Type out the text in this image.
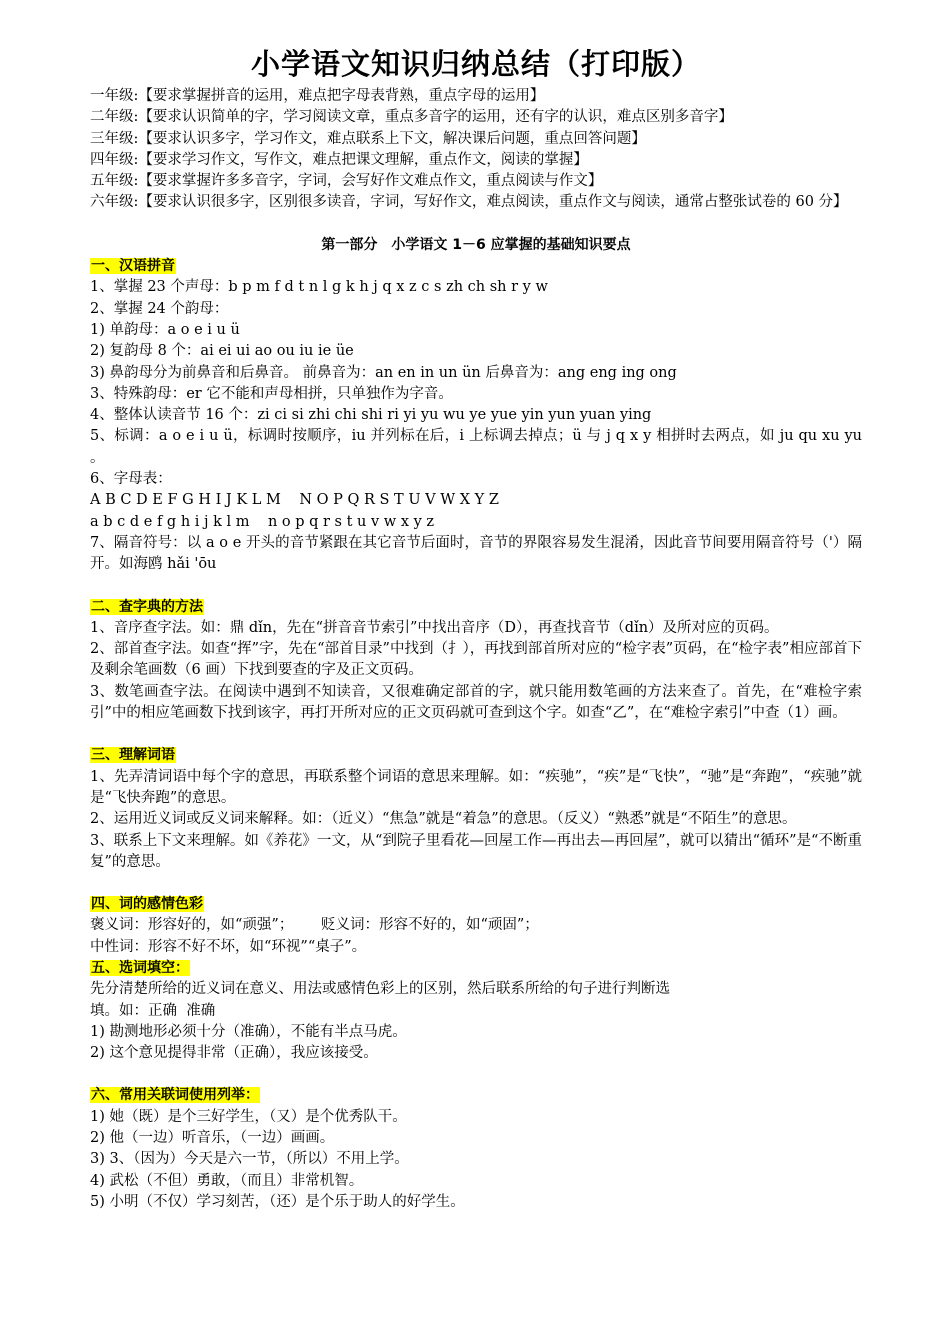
小学语文知识归纳总结（打印版）

一年级:【要求掌握拼音的运用，难点把字母表背熟，重点字母的运用】

二年级:【要求认识简单的字，学习阅读文章，重点多音字的运用，还有字的认识，难点区别多音字】

三年级:【要求认识多字，学习作文，难点联系上下文，解决课后问题，重点回答问题】

四年级:【要求学习作文，写作文，难点把课文理解，重点作文，阅读的掌握】

五年级:【要求掌握许多多音字，字词，会写好作文难点作文，重点阅读与作文】

六年级:【要求认识很多字，区别很多读音，字词，写好作文，难点阅读，重点作文与阅读，通常占整张试卷的 60 分】

第一部分　小学语文 1－6 应掌握的基础知识要点

一、汉语拼音

1、掌握 23 个声母：b p m f d t n l g k h j q x z c s zh ch sh r y w

2、掌握 24 个韵母：

1) 单韵母：a o e i u ü

2) 复韵母 8 个：ai ei ui ao ou iu ie üe

3) 鼻韵母分为前鼻音和后鼻音。 前鼻音为：an en in un ün 后鼻音为：ang eng ing ong

3、特殊韵母：er 它不能和声母相拼，只单独作为字音。

4、整体认读音节 16 个：zi ci si zhi chi shi ri yi yu wu ye yue yin yun yuan ying

5、标调：a o e i u ü，标调时按顺序，iu 并列标在后，i 上标调去掉点；ü 与 j q x y 相拼时去两点，如 ju qu xu yu 。

6、字母表：

A B C D E F G H I J K L M    N O P Q R S T U V W X Y Z

a b c d e f g h i j k l m    n o p q r s t u v w x y z

7、隔音符号：以 a o e 开头的音节紧跟在其它音节后面时，音节的界限容易发生混淆，因此音节间要用隔音符号（'）隔开。如海鸥 hǎi 'ōu

二、查字典的方法

1、音序查字法。如：鼎 dǐn，先在“拼音音节索引”中找出音序（D），再查找音节（dǐn）及所对应的页码。

2、部首查字法。如查“挥”字，先在“部首目录”中找到（扌），再找到部首所对应的“检字表”页码，在“检字表”相应部首下及剩余笔画数（6 画）下找到要查的字及正文页码。

3、数笔画查字法。在阅读中遇到不知读音，又很难确定部首的字，就只能用数笔画的方法来查了。首先，在“难检字索引”中的相应笔画数下找到该字，再打开所对应的正文页码就可查到这个字。如查“乙”，在“难检字索引”中查（1）画。

三、理解词语

1、先弄清词语中每个字的意思，再联系整个词语的意思来理解。如：“疾驰”，“疾”是“飞快”，“驰”是“奔跑”，“疾驰”就是“飞快奔跑”的意思。

2、运用近义词或反义词来解释。如：（近义）“焦急”就是“着急”的意思。（反义）“熟悉”就是“不陌生”的意思。

3、联系上下文来理解。如《养花》一文，从“到院子里看花—回屋工作—再出去—再回屋”，就可以猜出“循环”是“不断重复”的意思。

四、词的感情色彩

褒义词：形容好的，如“顽强”；      贬义词：形容不好的，如“顽固”；

中性词：形容不好不坏，如“环视”“桌子”。

五、选词填空：

先分清楚所给的近义词在意义、用法或感情色彩上的区别，然后联系所给的句子进行判断选

填。如：正确  准确

1) 勘测地形必须十分（准确），不能有半点马虎。

2) 这个意见提得非常（正确），我应该接受。

六、常用关联词使用列举：

1) 她（既）是个三好学生，（又）是个优秀队干。

2) 他（一边）听音乐，（一边）画画。

3) 3、（因为）今天是六一节，（所以）不用上学。

4) 武松（不但）勇敢，（而且）非常机智。

5) 小明（不仅）学习刻苦，（还）是个乐于助人的好学生。
